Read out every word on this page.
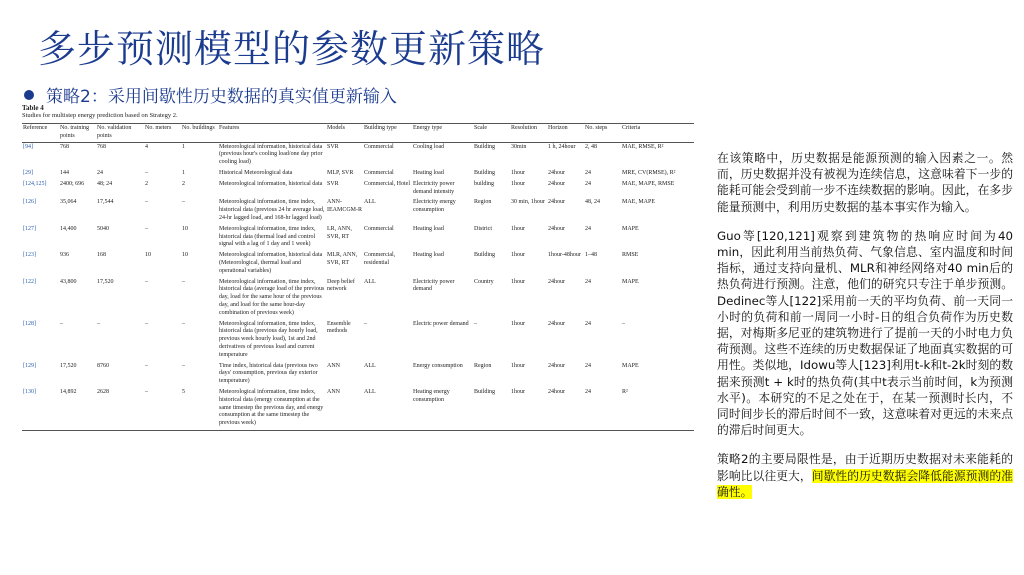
多步预测模型的参数更新策略
策略2：采用间歇性历史数据的真实值更新输入
Table 4
Studies for multistep energy prediction based on Strategy 2.
Reference	No. training points	No. validation points	No. meters	No. buildings	Features	Models	Building type	Energy type	Scale	Resolution	Horizon	No. steps	Criteria
[94]	768	768	4	1	Meteorological information, historical data (previous hour's cooling load/one day prior cooling load)	SVR	Commercial	Cooling load	Building	30min	1 h, 24hour	2, 48	MAE, RMSE, R²
[29]	144	24	–	1	Historical Meteorological data	MLP, SVR	Commercial	Heating load	Building	1hour	24hour	24	MRE, CV(RMSE), R²
[124,125]	2400; 696	48; 24	2	2	Meteorological information, historical data	SVR	Commercial, Hotel	Electricity power demand intensity	building	1hour	24hour	24	MAE, MAPE, RMSE
[126]	35,064	17,544	–	–	Meteorological information, time index, historical data (previous 24 hr average load, 24-hr lagged load, and 168-hr lagged load)	ANN-IEAMCGM-R	ALL	Electricity energy consumption	Region	30 min, 1hour	24hour	48, 24	MAE, MAPE
[127]	14,400	5040	–	10	Meteorological information, time index, historical data (thermal load and control signal with a lag of 1 day and 1 week)	LR, ANN, SVR, RT	Commercial	Heating load	District	1hour	24hour	24	MAPE
[123]	936	168	10	10	Meteorological information, historical data (Meteorological, thermal load and operational variables)	MLR, ANN, SVR, RT	Commercial, residential	Heating load	Building	1hour	1hour-48hour	1–48	RMSE
[122]	43,800	17,520	–	–	Meteorological information, time index, historical data (average load of the previous day, load for the same hour of the previous day, and load for the same hour-day combination of previous week)	Deep belief network	ALL	Electricity power demand	Country	1hour	24hour	24	MAPE
[128]	–	–	–	–	Meteorological information, time index, historical data (previous day hourly load, previous week hourly load), 1st and 2nd derivatives of previous load and current temperature	Ensemble methods	–	Electric power demand	–	1hour	24hour	24	–
[129]	17,520	8760	–	–	Time index, historical data (previous two days' consumption, previous day exterior temperature)	ANN	ALL	Energy consumption	Region	1hour	24hour	24	MAPE
[130]	14,892	2628	–	5	Meteorological information, time index, historical data (energy consumption at the same timestep the previous day, and energy consumption at the same timestep the previous week)	ANN	ALL	Heating energy consumption	Building	1hour	24hour	24	R²

在该策略中，历史数据是能源预测的输入因素之一。然而，历史数据并没有被视为连续信息，这意味着下一步的能耗可能会受到前一步不连续数据的影响。因此，在多步能量预测中，利用历史数据的基本事实作为输入。

Guo等[120,121]观察到建筑物的热响应时间为40 min，因此利用当前热负荷、气象信息、室内温度和时间指标，通过支持向量机、MLR和神经网络对40 min后的热负荷进行预测。注意，他们的研究只专注于单步预测。Dedinec等人[122]采用前一天的平均负荷、前一天同一小时的负荷和前一周同一小时-日的组合负荷作为历史数据，对梅斯多尼亚的建筑物进行了提前一天的小时电力负荷预测。这些不连续的历史数据保证了地面真实数据的可用性。类似地，Idowu等人[123]利用t-k和t-2k时刻的数据来预测t + k时的热负荷(其中t表示当前时间，k为预测水平)。本研究的不足之处在于，在某一预测时长内，不同时间步长的滞后时间不一致，这意味着对更远的未来点的滞后时间更大。

策略2的主要局限性是，由于近期历史数据对未来能耗的影响比以往更大，间歇性的历史数据会降低能源预测的准确性。
